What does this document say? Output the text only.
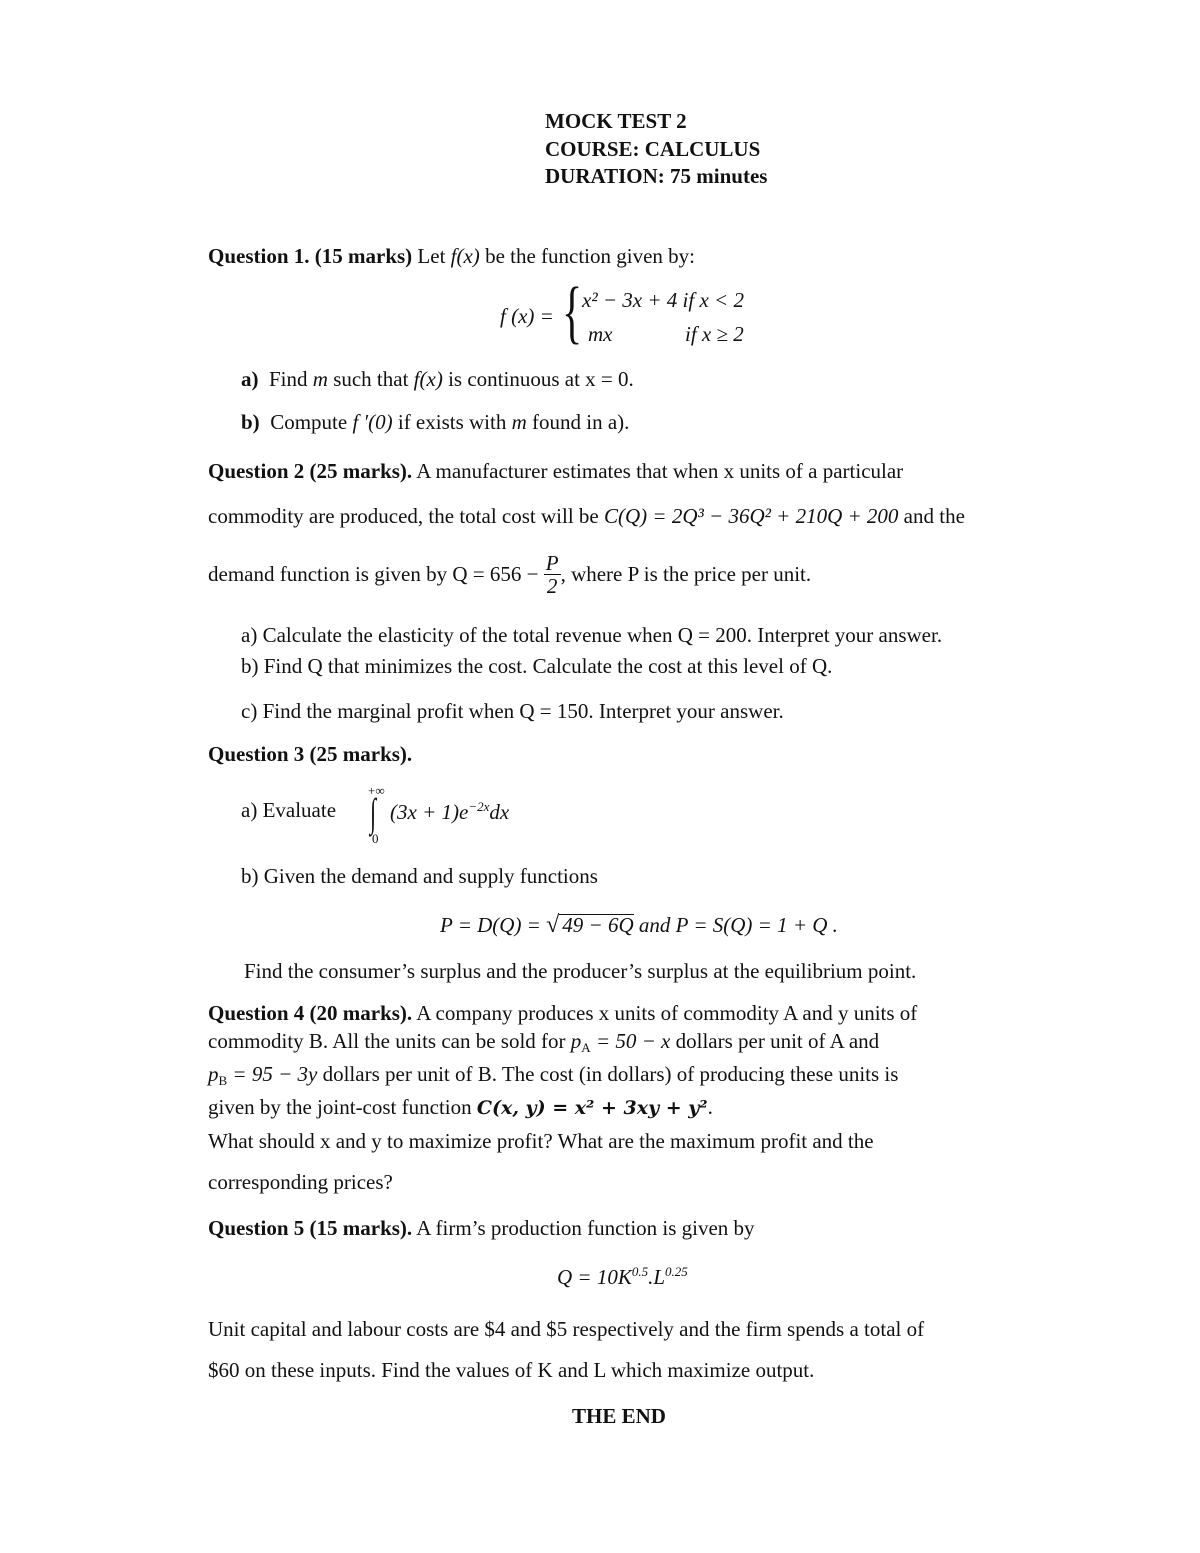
MOCK TEST 2
COURSE: CALCULUS
DURATION: 75 minutes
Question 1. (15 marks) Let f(x) be the function given by:
f (x) = { x² − 3x + 4 if x < 2
mx	if x ≥ 2
a) Find m such that f(x) is continuous at x = 0.
b) Compute f ′(0) if exists with m found in a).
Question 2 (25 marks). A manufacturer estimates that when x units of a particular
commodity are produced, the total cost will be C(Q) = 2Q³ − 36Q² + 210Q + 200 and the
demand function is given by $Q = 656 - \frac{P}{2}$ , where P is the price per unit.
a) Calculate the elasticity of the total revenue when Q = 200. Interpret your answer.
b) Find Q that minimizes the cost. Calculate the cost at this level of Q.
c) Find the marginal profit when Q = 150. Interpret your answer.
Question 3 (25 marks).
a) Evaluate
+∞
∫
0
$(3x + 1)e^{-2x}dx$
b) Given the demand and supply functions
P = D(Q) = √ 49 − 6Q and P = S(Q) = 1 + Q .
Find the consumer’s surplus and the producer’s surplus at the equilibrium point.
Question 4 (20 marks). A company produces x units of commodity A and y units of
commodity B. All the units can be sold for $p_A = 50 - x$ dollars per unit of A and
$p_B = 95 - 3y$ dollars per unit of B. The cost (in dollars) of producing these units is
given by the joint-cost function C(x, y) = x² + 3xy + y².
What should x and y to maximize profit? What are the maximum profit and the
corresponding prices?
Question 5 (15 marks). A firm’s production function is given by
$Q = 10K^{0.5}.L^{0.25}$
Unit capital and labour costs are $4 and $5 respectively and the firm spends a total of
$60 on these inputs. Find the values of K and L which maximize output.
THE END
